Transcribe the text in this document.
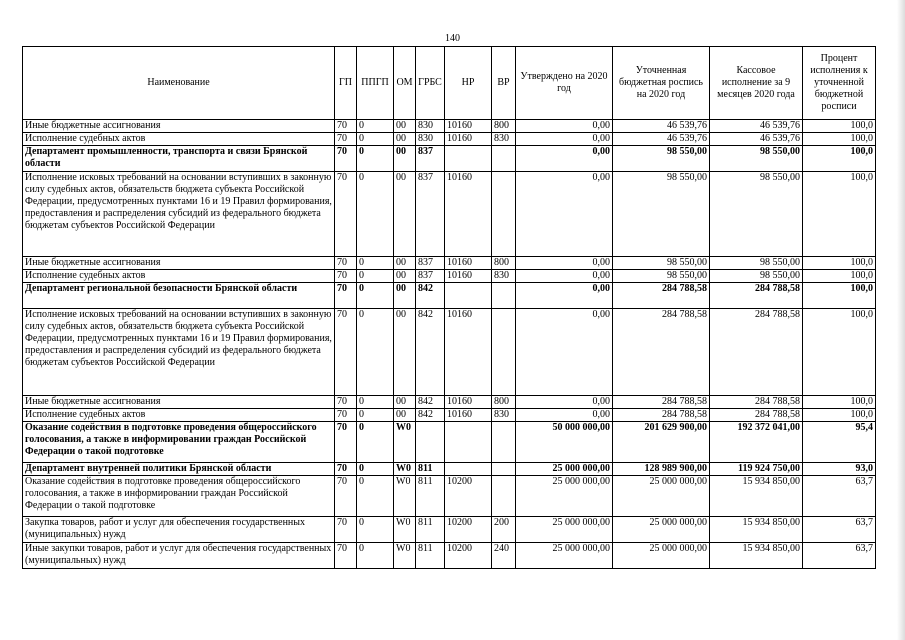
140
Наименование	ГП	ППГП	ОМ	ГРБС	НР	ВР	Утверждено на 2020 год	Уточненная бюджетная роспись на 2020 год	Кассовое исполнение за 9 месяцев 2020 года	Процент исполнения к уточненной бюджетной росписи
Иные бюджетные ассигнования	70	0	00	830	10160	800	0,00	46 539,76	46 539,76	100,0
Исполнение судебных актов	70	0	00	830	10160	830	0,00	46 539,76	46 539,76	100,0
Департамент промышленности, транспорта и связи Брянской области	70	0	00	837			0,00	98 550,00	98 550,00	100,0
Исполнение исковых требований на основании вступивших в законную силу судебных актов, обязательств бюджета субъекта Российской Федерации, предусмотренных пунктами 16 и 19 Правил формирования, предоставления и распределения субсидий из федерального бюджета бюджетам субъектов Российской Федерации	70	0	00	837	10160		0,00	98 550,00	98 550,00	100,0
Иные бюджетные ассигнования	70	0	00	837	10160	800	0,00	98 550,00	98 550,00	100,0
Исполнение судебных актов	70	0	00	837	10160	830	0,00	98 550,00	98 550,00	100,0
Департамент региональной безопасности Брянской области	70	0	00	842			0,00	284 788,58	284 788,58	100,0
Исполнение исковых требований на основании вступивших в законную силу судебных актов, обязательств бюджета субъекта Российской Федерации, предусмотренных пунктами 16 и 19 Правил формирования, предоставления и распределения субсидий из федерального бюджета бюджетам субъектов Российской Федерации	70	0	00	842	10160		0,00	284 788,58	284 788,58	100,0
Иные бюджетные ассигнования	70	0	00	842	10160	800	0,00	284 788,58	284 788,58	100,0
Исполнение судебных актов	70	0	00	842	10160	830	0,00	284 788,58	284 788,58	100,0
Оказание содействия в подготовке проведения общероссийского голосования, а также в информировании граждан Российской Федерации о такой подготовке	70	0	W0				50 000 000,00	201 629 900,00	192 372 041,00	95,4
Департамент внутренней политики Брянской области	70	0	W0	811			25 000 000,00	128 989 900,00	119 924 750,00	93,0
Оказание содействия в подготовке проведения общероссийского голосования, а также в информировании граждан Российской Федерации о такой подготовке	70	0	W0	811	10200		25 000 000,00	25 000 000,00	15 934 850,00	63,7
Закупка товаров, работ и услуг для обеспечения государственных (муниципальных) нужд	70	0	W0	811	10200	200	25 000 000,00	25 000 000,00	15 934 850,00	63,7
Иные закупки товаров, работ и услуг для обеспечения государственных (муниципальных) нужд	70	0	W0	811	10200	240	25 000 000,00	25 000 000,00	15 934 850,00	63,7
